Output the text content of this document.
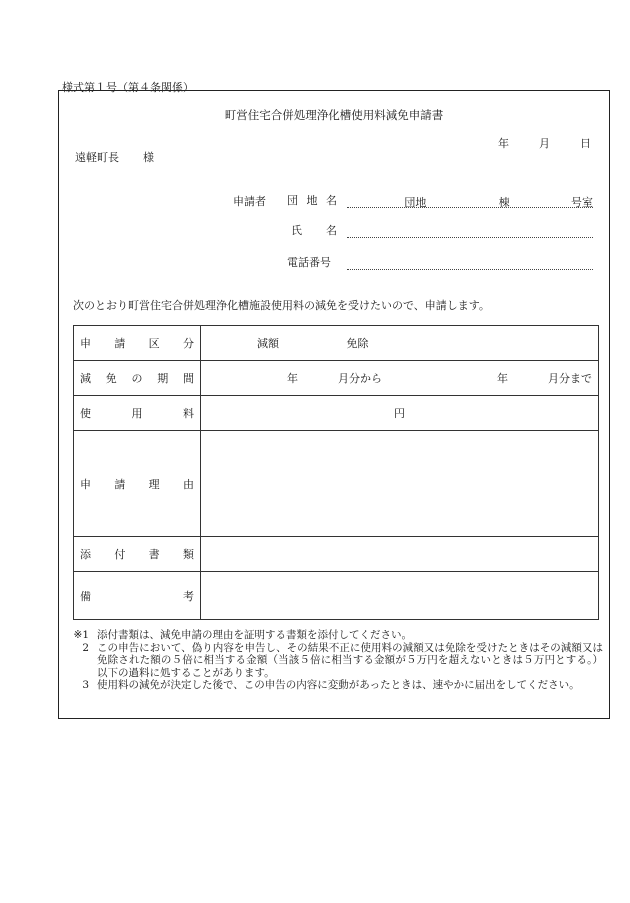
様式第１号（第４条関係）
町営住宅合併処理浄化槽使用料減免申請書
年	月	日
遠軽町長 様
申請者 団 地 名	団地	棟	号室
氏 名
電話番号
次のとおり町営住宅合併処理浄化槽施設使用料の減免を受けたいので、申請します。
申 請 区 分	減額 免除

減 免 の 期 間	年 月分から 年 月分まで

使 用 料	円

申 請 理 由	

添 付 書 類	

備 考	

※1 添付書類は、減免申請の理由を証明する書類を添付してください。
2 この申告において、偽り内容を申告し、その結果不正に使用料の減額又は免除を受けたときはその減額又は免除された額の５倍に相当する金額（当該５倍に相当する金額が５万円を超えないときは５万円とする。）以下の過料に処することがあります。
3 使用料の減免が決定した後で、この申告の内容に変動があったときは、速やかに届出をしてください。
